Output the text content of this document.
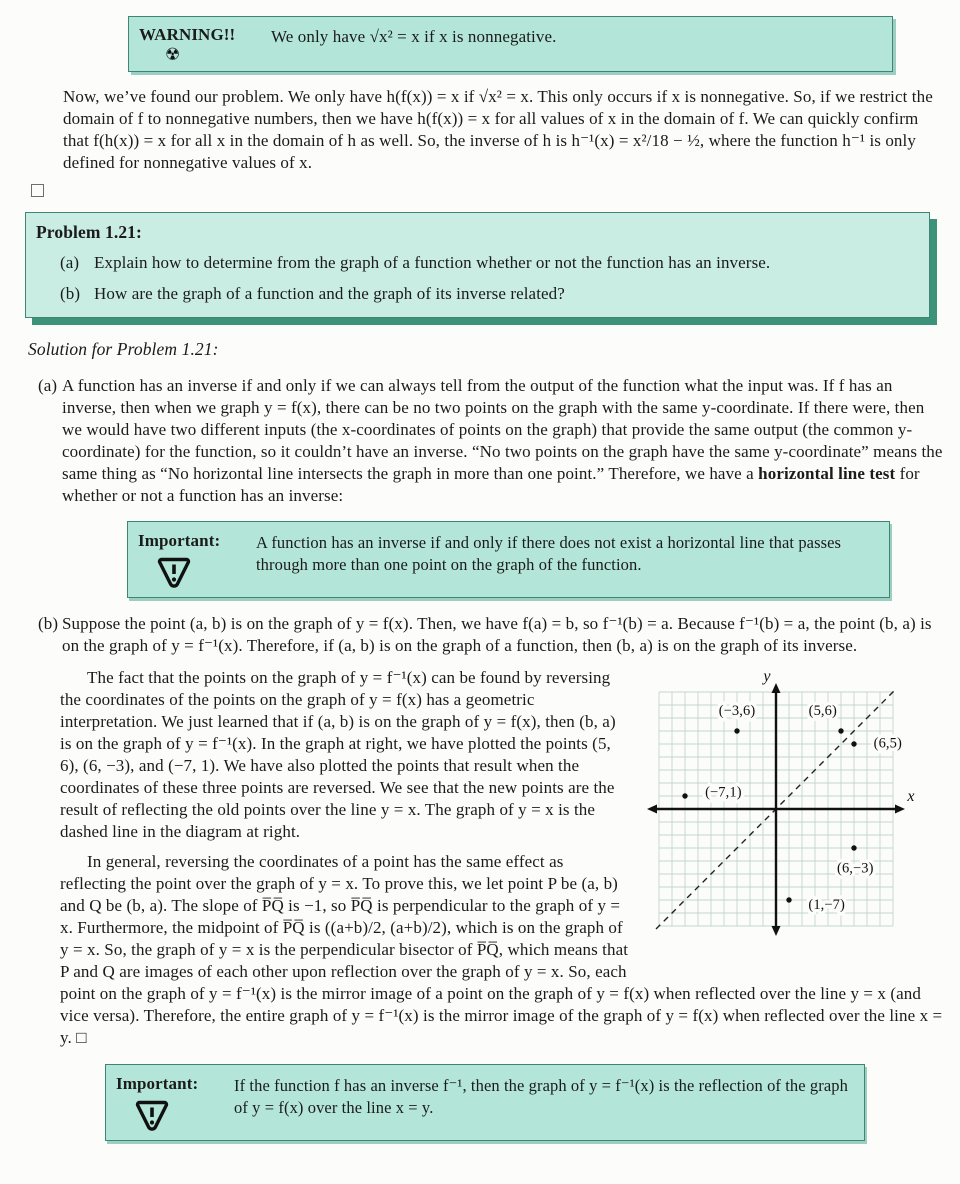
WARNING!!
☢

We only have √x² = x if x is nonnegative.

Now, we’ve found our problem. We only have h(f(x)) = x if √x² = x. This only occurs if x is nonnegative. So, if we restrict the domain of f to nonnegative numbers, then we have h(f(x)) = x for all values of x in the domain of f. We can quickly confirm that f(h(x)) = x for all x in the domain of h as well. So, the inverse of h is h⁻¹(x) = x²/18 − ½, where the function h⁻¹ is only defined for nonnegative values of x.

Problem 1.21:
(a) Explain how to determine from the graph of a function whether or not the function has an inverse.
(b) How are the graph of a function and the graph of its inverse related?
Solution for Problem 1.21:
(a) A function has an inverse if and only if we can always tell from the output of the function what the input was. If f has an inverse, then when we graph y = f(x), there can be no two points on the graph with the same y-coordinate. If there were, then we would have two different inputs (the x-coordinates of points on the graph) that provide the same output (the common y-coordinate) for the function, so it couldn’t have an inverse. “No two points on the graph have the same y-coordinate” means the same thing as “No horizontal line intersects the graph in more than one point.” Therefore, we have a horizontal line test for whether or not a function has an inverse:

Important:	A function has an inverse if and only if there does not exist a horizontal line that passes through more than one point on the graph of the function.

(b) Suppose the point (a, b) is on the graph of y = f(x). Then, we have f(a) = b, so f⁻¹(b) = a. Because f⁻¹(b) = a, the point (b, a) is on the graph of y = f⁻¹(x). Therefore, if (a, b) is on the graph of a function, then (b, a) is on the graph of its inverse.

x
y
(5,6)
(6,−3)
(−7,1)
(6,5)
(−3,6)
(1,−7)

The fact that the points on the graph of y = f⁻¹(x) can be found by reversing the coordinates of the points on the graph of y = f(x) has a geometric interpretation. We just learned that if (a, b) is on the graph of y = f(x), then (b, a) is on the graph of y = f⁻¹(x). In the graph at right, we have plotted the points (5, 6), (6, −3), and (−7, 1). We have also plotted the points that result when the coordinates of these three points are reversed. We see that the new points are the result of reflecting the old points over the line y = x. The graph of y = x is the dashed line in the diagram at right.

In general, reversing the coordinates of a point has the same effect as reflecting the point over the graph of y = x. To prove this, we let point P be (a, b) and Q be (b, a). The slope of P̅Q̅ is −1, so P̅Q̅ is perpendicular to the graph of y = x. Furthermore, the midpoint of P̅Q̅ is ((a+b)/2, (a+b)/2), which is on the graph of y = x. So, the graph of y = x is the perpendicular bisector of P̅Q̅, which means that P and Q are images of each other upon reflection over the graph of y = x. So, each point on the graph of y = f⁻¹(x) is the mirror image of a point on the graph of y = f(x) when reflected over the line y = x (and vice versa). Therefore, the entire graph of y = f⁻¹(x) is the mirror image of the graph of y = f(x) when reflected over the line x = y. □

Important:	If the function f has an inverse f⁻¹, then the graph of y = f⁻¹(x) is the reflection of the graph of y = f(x) over the line x = y.
